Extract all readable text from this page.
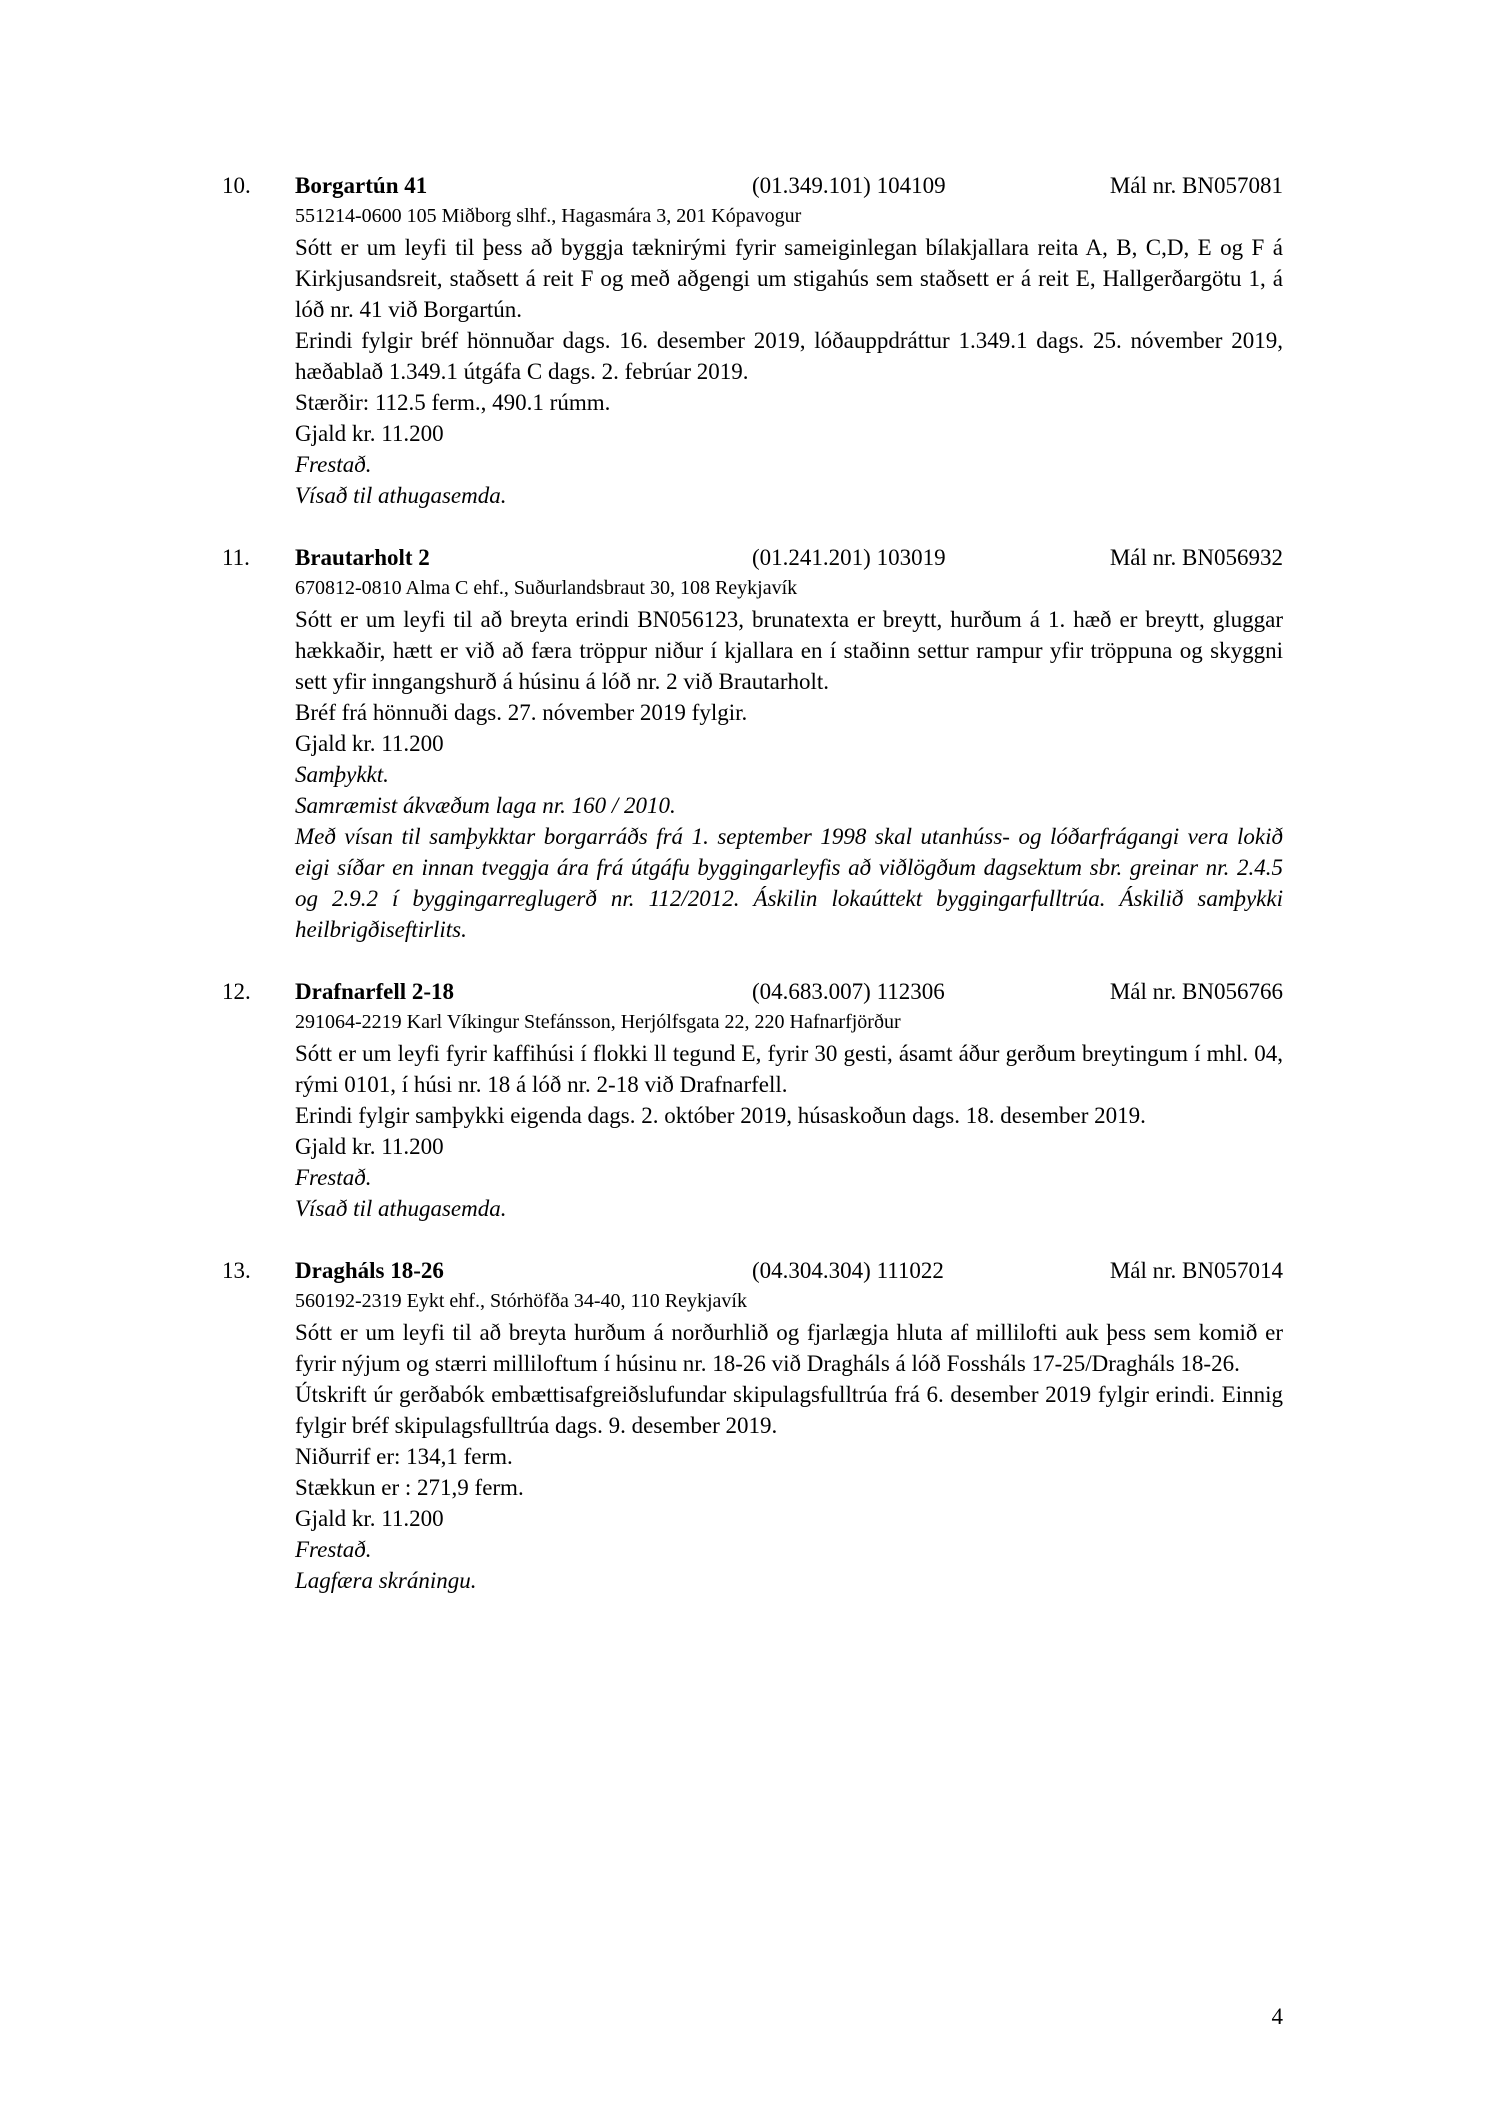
10.	Borgartún 41	(01.349.101) 104109	Mál nr. BN057081

551214-0600 105 Miðborg slhf., Hagasmára 3, 201 Kópavogur

Sótt er um leyfi til þess að byggja tæknirými fyrir sameiginlegan bílakjallara reita A, B, C,D, E og F á Kirkjusandsreit, staðsett á reit F og með aðgengi um stigahús sem staðsett er á reit E, Hallgerðargötu 1, á lóð nr. 41 við Borgartún.

Erindi fylgir bréf hönnuðar dags. 16. desember 2019, lóðauppdráttur 1.349.1 dags. 25. nóvember 2019, hæðablað 1.349.1 útgáfa C dags. 2. febrúar 2019.

Stærðir: 112.5 ferm., 490.1 rúmm.

Gjald kr. 11.200

Frestað.

Vísað til athugasemda.

11.	Brautarholt 2	(01.241.201) 103019	Mál nr. BN056932

670812-0810 Alma C ehf., Suðurlandsbraut 30, 108 Reykjavík

Sótt er um leyfi til að breyta erindi BN056123, brunatexta er breytt, hurðum á 1. hæð er breytt, gluggar hækkaðir, hætt er við að færa tröppur niður í kjallara en í staðinn settur rampur yfir tröppuna og skyggni sett yfir inngangshurð á húsinu á lóð nr. 2 við Brautarholt.

Bréf frá hönnuði dags. 27. nóvember 2019 fylgir.

Gjald kr. 11.200

Samþykkt.

Samræmist ákvæðum laga nr. 160 / 2010.

Með vísan til samþykktar borgarráðs frá 1. september 1998 skal utanhúss- og lóðarfrágangi vera lokið eigi síðar en innan tveggja ára frá útgáfu byggingarleyfis að viðlögðum dagsektum sbr. greinar nr. 2.4.5 og 2.9.2 í byggingarreglugerð nr. 112/2012. Áskilin lokaúttekt byggingarfulltrúa. Áskilið samþykki heilbrigðiseftirlits.

12.	Drafnarfell 2-18	(04.683.007) 112306	Mál nr. BN056766

291064-2219 Karl Víkingur Stefánsson, Herjólfsgata 22, 220 Hafnarfjörður

Sótt er um leyfi fyrir kaffihúsi í flokki ll tegund E, fyrir 30 gesti, ásamt áður gerðum breytingum í mhl. 04, rými 0101, í húsi nr. 18 á lóð nr. 2-18 við Drafnarfell.

Erindi fylgir samþykki eigenda dags. 2. október 2019, húsaskoðun dags. 18. desember 2019.

Gjald kr. 11.200

Frestað.

Vísað til athugasemda.

13.	Dragháls 18-26	(04.304.304) 111022	Mál nr. BN057014

560192-2319 Eykt ehf., Stórhöfða 34-40, 110 Reykjavík

Sótt er um leyfi til að breyta hurðum á norðurhlið og fjarlægja hluta af millilofti auk þess sem komið er fyrir nýjum og stærri milliloftum í húsinu nr. 18-26 við Dragháls á lóð Fossháls 17-25/Dragháls 18-26.

Útskrift úr gerðabók embættisafgreiðslufundar skipulagsfulltrúa frá 6. desember 2019 fylgir erindi. Einnig fylgir bréf skipulagsfulltrúa dags. 9. desember 2019.

Niðurrif er: 134,1 ferm.

Stækkun er : 271,9 ferm.

Gjald kr. 11.200

Frestað.

Lagfæra skráningu.

4
